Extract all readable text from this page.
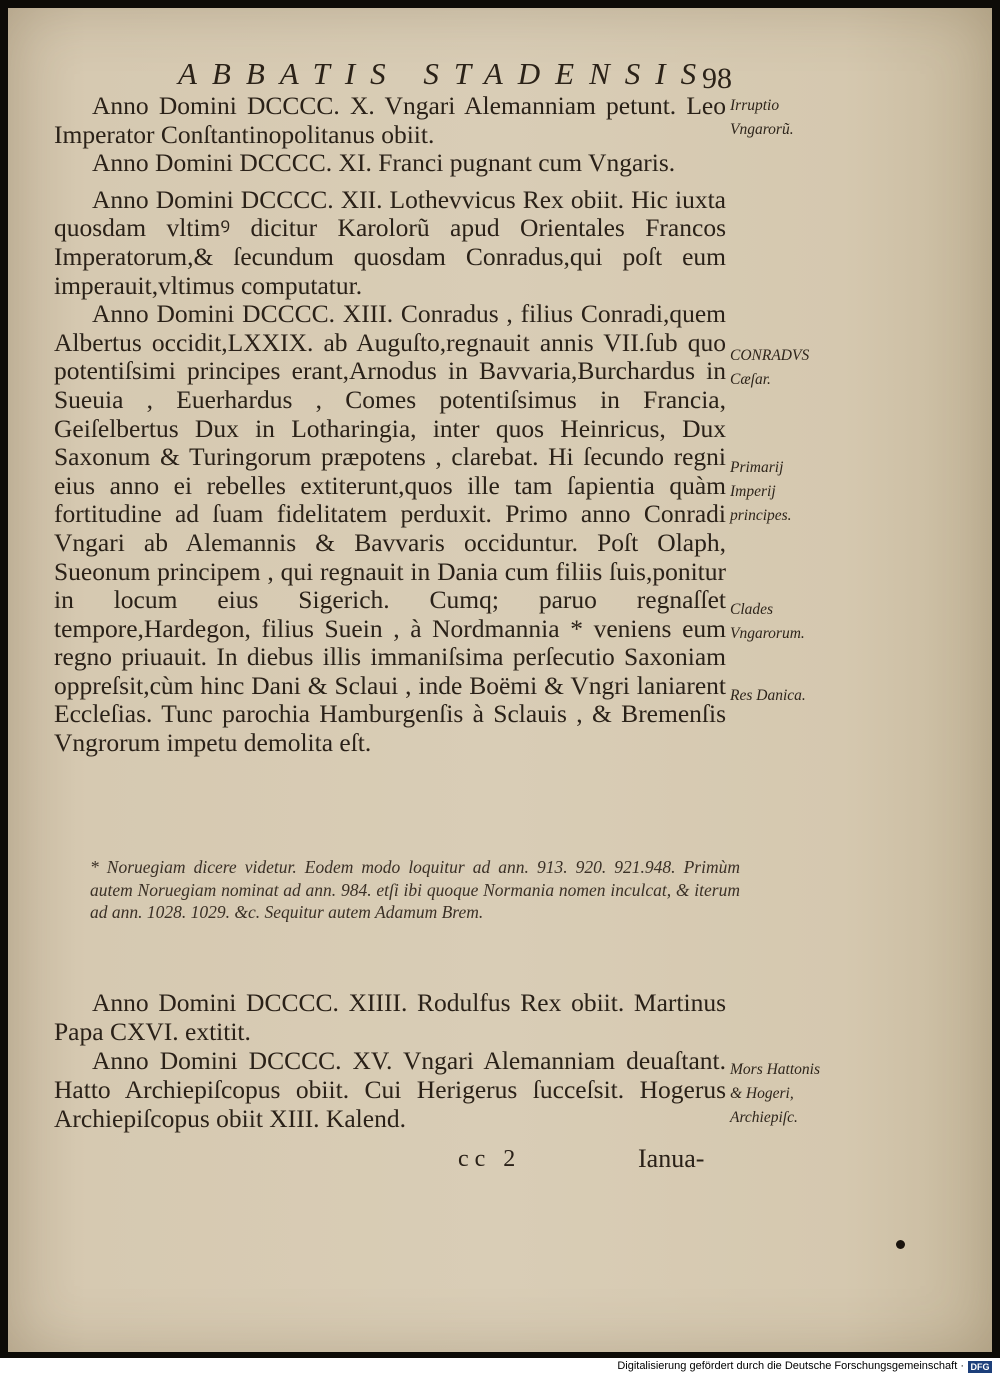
ABBATIS STADENSIS
98

Anno Domini DCCCC. X. Vngari Alemanniam petunt. Leo Imperator Conſtantinopolitanus obiit.

Anno Domini DCCCC. XI. Franci pugnant cum Vngaris.

Anno Domini DCCCC. XII. Lothevvicus Rex obiit. Hic iuxta quosdam vltimꝰ dicitur Karolorũ apud Orientales Francos Imperatorum,& ſecundum quosdam Conradus,qui poſt eum imperauit,vltimus computatur.

Anno Domini DCCCC. XIII. Conradus , filius Conradi,quem Albertus occidit,LXXIX. ab Auguſto,regnauit annis VII.ſub quo potentiſsimi principes erant,Arnodus in Bavvaria,Burchardus in Sueuia , Euerhardus , Comes potentiſsimus in Francia, Geiſelbertus Dux in Lotharingia, inter quos Heinricus, Dux Saxonum & Turingorum præpotens , clarebat. Hi ſecundo regni eius anno ei rebelles extiterunt,quos ille tam ſapientia quàm fortitudine ad ſuam fidelitatem perduxit. Primo anno Conradi Vngari ab Alemannis & Bavvaris occiduntur. Poſt Olaph, Sueonum principem , qui regnauit in Dania cum filiis ſuis,ponitur in locum eius Sigerich. Cumq; paruo regnaſſet tempore,Hardegon, filius Suein , à Nordmannia * veniens eum regno priuauit. In diebus illis immaniſsima perſecutio Saxoniam oppreſsit,cùm hinc Dani & Sclaui , inde Boëmi & Vngri laniarent Eccleſias. Tunc parochia Hamburgenſis à Sclauis , & Bremenſis Vngrorum impetu demolita eſt.

* Noruegiam dicere videtur. Eodem modo loquitur ad ann. 913. 920. 921.948. Primùm autem Noruegiam nominat ad ann. 984. etſi ibi quoque Normania nomen inculcat, & iterum ad ann. 1028. 1029. &c. Sequitur autem Adamum Brem.

Anno Domini DCCCC. XIIII. Rodulfus Rex obiit. Martinus Papa CXVI. extitit.

Anno Domini DCCCC. XV. Vngari Alemanniam deuaſtant. Hatto Archiepiſcopus obiit. Cui Herigerus ſucceſsit. Hogerus Archiepiſcopus obiit XIII. Kalend.

Irruptio Vngarorũ.
CONRADVS Cæſar.
Primarij Imperij principes.
Clades Vngarorum.
Res Danica.
Mors Hattonis & Hogeri, Archiepiſc.
cc 2	Ianua-
Digitalisierung gefördert durch die Deutsche Forschungsgemeinschaft · DFG
